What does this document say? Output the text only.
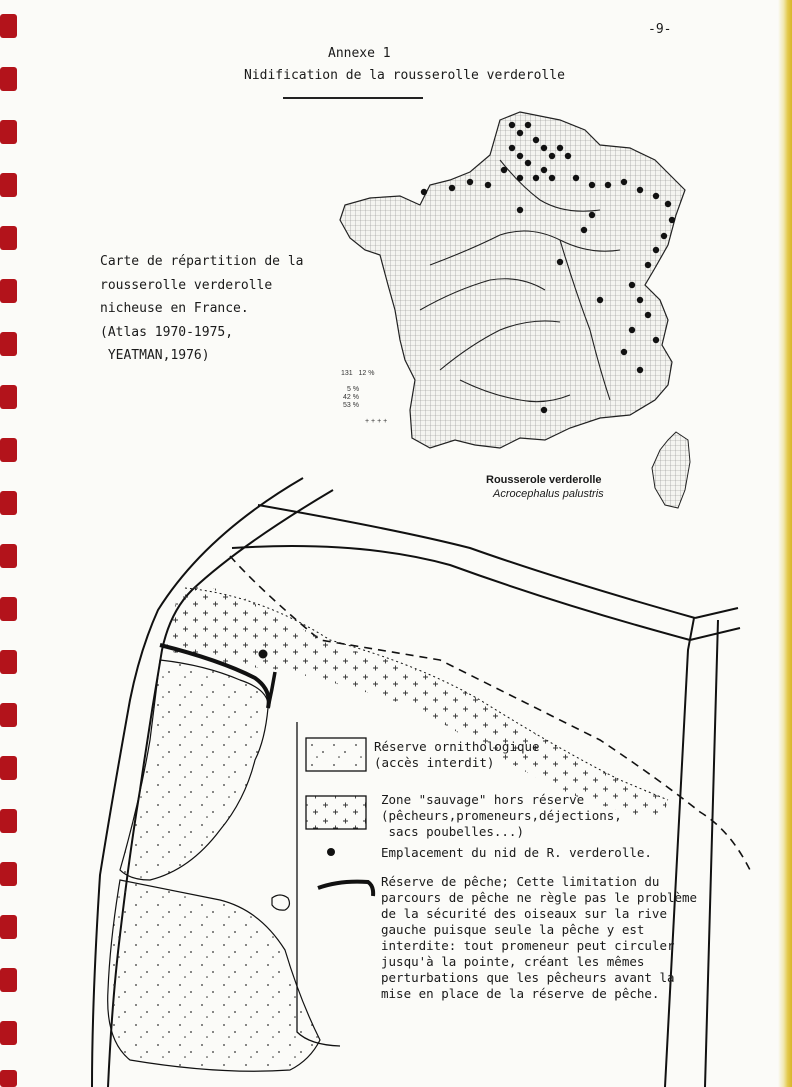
-9-
Annexe 1
Nidification de la rousserolle verderolle
Carte de répartition de la
rousserolle verderolle
nicheuse en France.
(Atlas 1970-1975,
YEATMAN,1976)
131   12 %

5 %
42 %
53 %

+ + + +
Rousserole verderolle
Acrocephalus palustris
Réserve ornithologique
(accès interdit)
Zone "sauvage" hors réserve
(pêcheurs,promeneurs,déjections,
sacs poubelles...)
Emplacement du nid de R. verderolle.
Réserve de pêche; Cette limitation du
parcours de pêche ne règle pas le problème
de la sécurité des oiseaux sur la rive
gauche puisque seule la pêche y est
interdite: tout promeneur peut circuler
jusqu'à la pointe, créant les mêmes
perturbations que les pêcheurs avant la
mise en place de la réserve de pêche.
